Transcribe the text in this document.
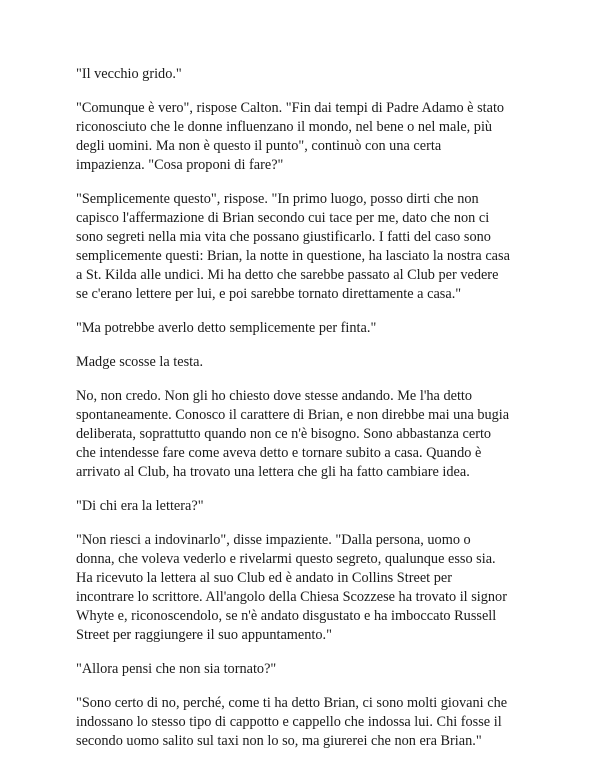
"Il vecchio grido."

"Comunque è vero", rispose Calton. "Fin dai tempi di Padre Adamo è stato
riconosciuto che le donne influenzano il mondo, nel bene o nel male, più
degli uomini. Ma non è questo il punto", continuò con una certa
impazienza. "Cosa proponi di fare?"

"Semplicemente questo", rispose. "In primo luogo, posso dirti che non
capisco l'affermazione di Brian secondo cui tace per me, dato che non ci
sono segreti nella mia vita che possano giustificarlo. I fatti del caso sono
semplicemente questi: Brian, la notte in questione, ha lasciato la nostra casa
a St. Kilda alle undici. Mi ha detto che sarebbe passato al Club per vedere
se c'erano lettere per lui, e poi sarebbe tornato direttamente a casa."

"Ma potrebbe averlo detto semplicemente per finta."

Madge scosse la testa.

No, non credo. Non gli ho chiesto dove stesse andando. Me l'ha detto
spontaneamente. Conosco il carattere di Brian, e non direbbe mai una bugia
deliberata, soprattutto quando non ce n'è bisogno. Sono abbastanza certo
che intendesse fare come aveva detto e tornare subito a casa. Quando è
arrivato al Club, ha trovato una lettera che gli ha fatto cambiare idea.

"Di chi era la lettera?"

"Non riesci a indovinarlo", disse impaziente. "Dalla persona, uomo o
donna, che voleva vederlo e rivelarmi questo segreto, qualunque esso sia.
Ha ricevuto la lettera al suo Club ed è andato in Collins Street per
incontrare lo scrittore. All'angolo della Chiesa Scozzese ha trovato il signor
Whyte e, riconoscendolo, se n'è andato disgustato e ha imboccato Russell
Street per raggiungere il suo appuntamento."

"Allora pensi che non sia tornato?"

"Sono certo di no, perché, come ti ha detto Brian, ci sono molti giovani che
indossano lo stesso tipo di cappotto e cappello che indossa lui. Chi fosse il
secondo uomo salito sul taxi non lo so, ma giurerei che non era Brian."
